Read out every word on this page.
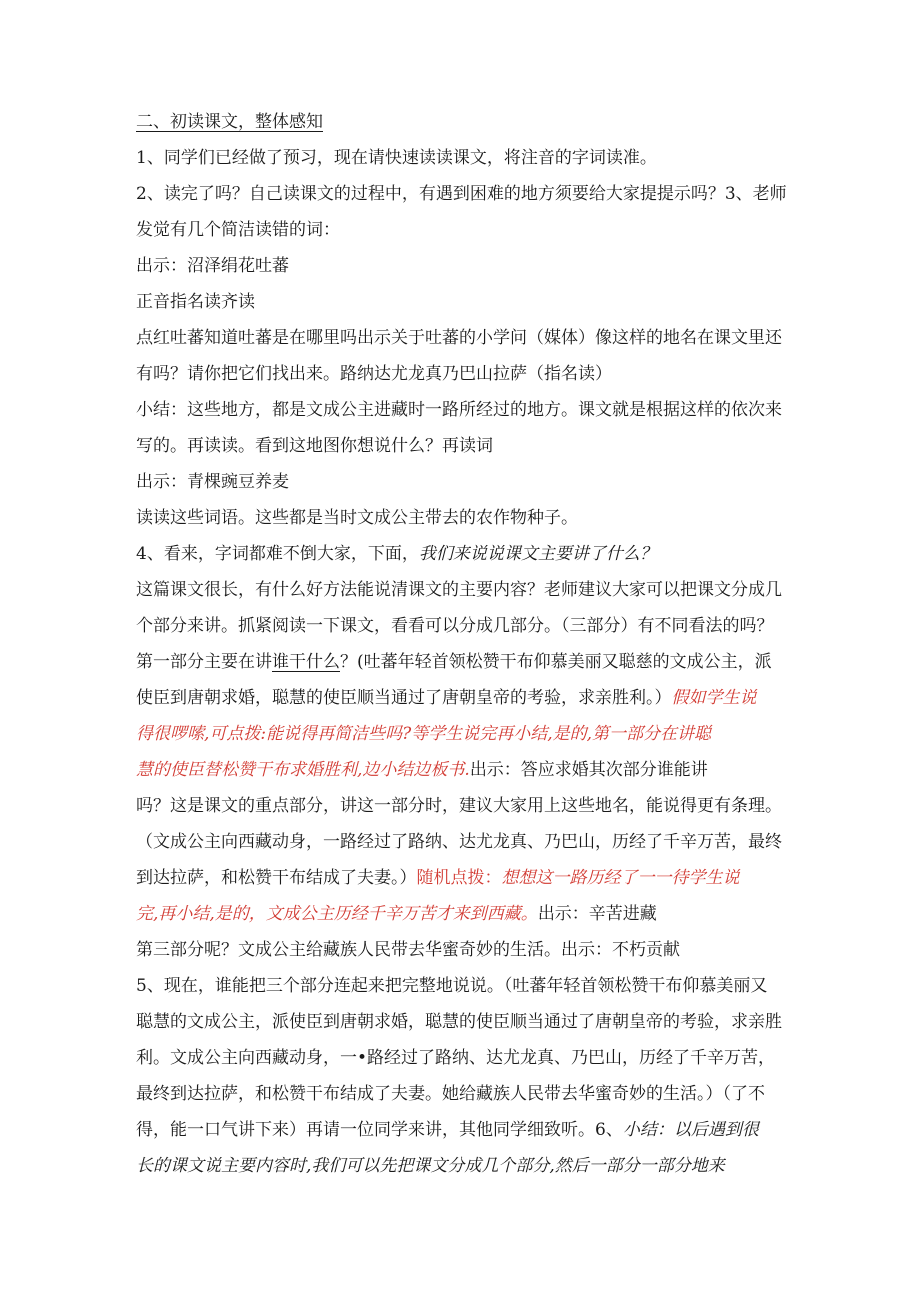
二、初读课文，整体感知
1、同学们已经做了预习，现在请快速读读课文，将注音的字词读准。
2、读完了吗？自己读课文的过程中，有遇到困难的地方须要给大家提提示吗？3、老师
发觉有几个简洁读错的词：
出示：沼泽绢花吐蕃
正音指名读齐读
点红吐蕃知道吐蕃是在哪里吗出示关于吐蕃的小学问（媒体）像这样的地名在课文里还
有吗？请你把它们找出来。路纳达尤龙真乃巴山拉萨（指名读）
小结：这些地方，都是文成公主进藏时一路所经过的地方。课文就是根据这样的依次来
写的。再读读。看到这地图你想说什么？再读词
出示：青棵豌豆养麦
读读这些词语。这些都是当时文成公主带去的农作物种子。
4、看来，字词都难不倒大家，下面，我们来说说课文主要讲了什么？
这篇课文很长，有什么好方法能说清课文的主要内容？老师建议大家可以把课文分成几
个部分来讲。抓紧阅读一下课文，看看可以分成几部分。（三部分）有不同看法的吗？
第一部分主要在讲谁干什么？(吐蕃年轻首领松赞干布仰慕美丽又聪慈的文成公主，派
使臣到唐朝求婚，聪慧的使臣顺当通过了唐朝皇帝的考验，求亲胜利。）假如学生说
得很啰嗦,可点拨:能说得再简洁些吗?等学生说完再小结,是的,第一部分在讲聪
慧的使臣替松赞干布求婚胜利,边小结边板书.出示：答应求婚其次部分谁能讲
吗？这是课文的重点部分，讲这一部分时，建议大家用上这些地名，能说得更有条理。
（文成公主向西藏动身，一路经过了路纳、达尤龙真、乃巴山，历经了千辛万苦，最终
到达拉萨，和松赞干布结成了夫妻。）随机点拨：想想这一路历经了一一待学生说
完,再小结,是的，文成公主历经千辛万苦才来到西藏。出示：辛苦进藏
第三部分呢？文成公主给藏族人民带去华蜜奇妙的生活。出示：不朽贡献
5、现在，谁能把三个部分连起来把完整地说说。（吐蕃年轻首领松赞干布仰慕美丽又
聪慧的文成公主，派使臣到唐朝求婚，聪慧的使臣顺当通过了唐朝皇帝的考验，求亲胜
利。文成公主向西藏动身，一•路经过了路纳、达尤龙真、乃巴山，历经了千辛万苦，
最终到达拉萨，和松赞干布结成了夫妻。她给藏族人民带去华蜜奇妙的生活。）（了不
得，能一口气讲下来）再请一位同学来讲，其他同学细致听。6、小结：以后遇到很
长的课文说主要内容时,我们可以先把课文分成几个部分,然后一部分一部分地来
